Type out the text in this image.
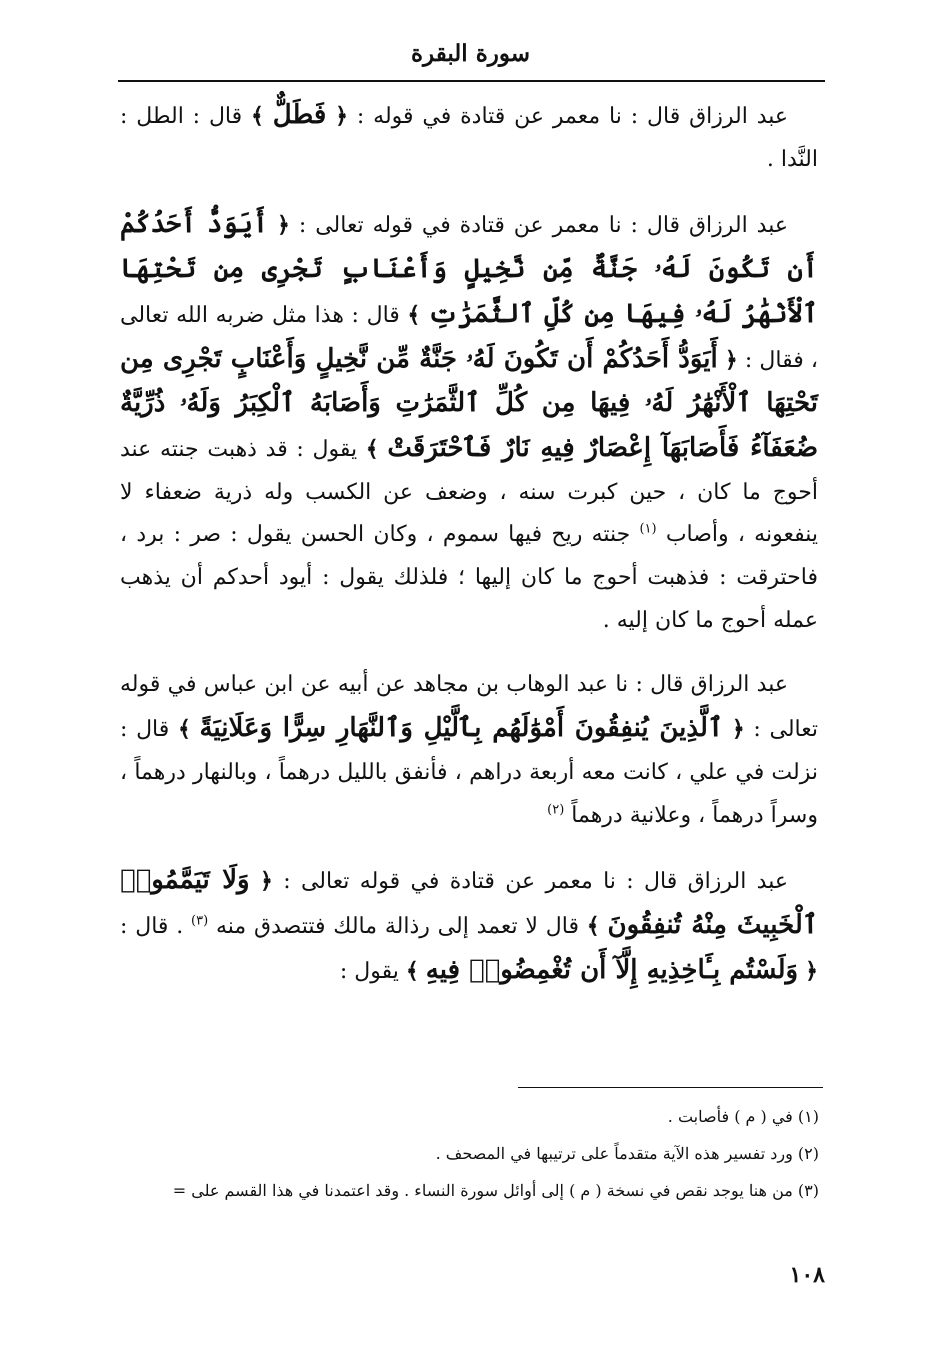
سورة البقرة

عبد الرزاق قال : نا معمر عن قتادة في قوله : ﴿ فَطَلٌّ ﴾ قال : الطل : النَّدا .

عبد الرزاق قال : نا معمر عن قتادة في قوله تعالى : ﴿ أَيَوَدُّ أَحَدُكُمْ أَن تَكُونَ لَهُۥ جَنَّةٌ مِّن نَّخِيلٍ وَأَعْنَابٍ تَجْرِى مِن تَحْتِهَا ٱلْأَنْهَٰرُ لَهُۥ فِيهَا مِن كُلِّ ٱلثَّمَرَٰتِ ﴾ قال : هذا مثل ضربه الله تعالى ، فقال : ﴿ أَيَوَدُّ أَحَدُكُمْ أَن تَكُونَ لَهُۥ جَنَّةٌ مِّن نَّخِيلٍ وَأَعْنَابٍ تَجْرِى مِن تَحْتِهَا ٱلْأَنْهَٰرُ لَهُۥ فِيهَا مِن كُلِّ ٱلثَّمَرَٰتِ وَأَصَابَهُ ٱلْكِبَرُ وَلَهُۥ ذُرِّيَّةٌ ضُعَفَآءُ فَأَصَابَهَآ إِعْصَارٌ فِيهِ نَارٌ فَٱحْتَرَقَتْ ﴾ يقول : قد ذهبت جنته عند أحوج ما كان ، حين كبرت سنه ، وضعف عن الكسب وله ذرية ضعفاء لا ينفعونه ، وأصاب $^{(١)}$ جنته ريح فيها سموم ، وكان الحسن يقول : صر : برد ، فاحترقت : فذهبت أحوج ما كان إليها ؛ فلذلك يقول : أيود أحدكم أن يذهب عمله أحوج ما كان إليه .

عبد الرزاق قال : نا عبد الوهاب بن مجاهد عن أبيه عن ابن عباس في قوله تعالى : ﴿ ٱلَّذِينَ يُنفِقُونَ أَمْوَٰلَهُم بِٱلَّيْلِ وَٱلنَّهَارِ سِرًّا وَعَلَانِيَةً ﴾ قال : نزلت في علي ، كانت معه أربعة دراهم ، فأنفق بالليل درهماً ، وبالنهار درهماً ، وسراً درهماً ، وعلانية درهماً $^{(٢)}$

عبد الرزاق قال : نا معمر عن قتادة في قوله تعالى : ﴿ وَلَا تَيَمَّمُوا۟ ٱلْخَبِيثَ مِنْهُ تُنفِقُونَ ﴾ قال لا تعمد إلى رذالة مالك فتتصدق منه $^{(٣)}$ . قال : ﴿ وَلَسْتُم بِـَٔاخِذِيهِ إِلَّآ أَن تُغْمِضُوا۟ فِيهِ ﴾ يقول :

(١) في ( م ) فأصابت .

(٢) ورد تفسير هذه الآية متقدماً على ترتيبها في المصحف .

(٣) من هنا يوجد نقص في نسخة ( م ) إلى أوائل سورة النساء . وقد اعتمدنا في هذا القسم على =

١٠٨
